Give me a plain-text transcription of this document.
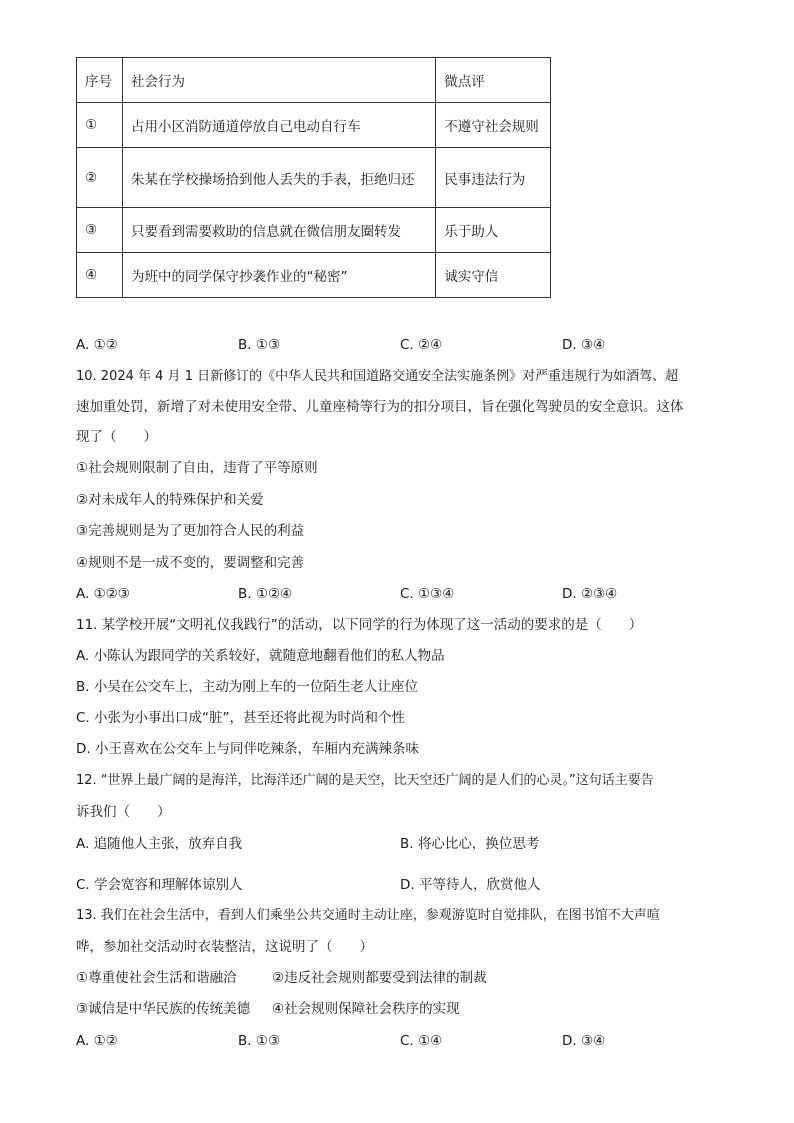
序号	社会行为	微点评
①	占用小区消防通道停放自己电动自行车	不遵守社会规则
②	朱某在学校操场拾到他人丢失的手表，拒绝归还	民事违法行为
③	只要看到需要救助的信息就在微信朋友圈转发	乐于助人
④	为班中的同学保守抄袭作业的“秘密”	诚实守信
A. ①②	B. ①③	C. ②④	D. ③④
10. 2024 年 4 月 1 日新修订的《中华人民共和国道路交通安全法实施条例》对严重违规行为如酒驾、超
速加重处罚，新增了对未使用安全带、儿童座椅等行为的扣分项目，旨在强化驾驶员的安全意识。这体
现了（　　）
①社会规则限制了自由，违背了平等原则
②对未成年人的特殊保护和关爱
③完善规则是为了更加符合人民的利益
④规则不是一成不变的，要调整和完善
A. ①②③	B. ①②④	C. ①③④	D. ②③④
11. 某学校开展“文明礼仪我践行”的活动，以下同学的行为体现了这一活动的要求的是（　　）
A. 小陈认为跟同学的关系较好，就随意地翻看他们的私人物品
B. 小吴在公交车上，主动为刚上车的一位陌生老人让座位
C. 小张为小事出口成“脏”，甚至还将此视为时尚和个性
D. 小王喜欢在公交车上与同伴吃辣条，车厢内充满辣条味
12. “世界上最广阔的是海洋，比海洋还广阔的是天空，比天空还广阔的是人们的心灵。”这句话主要告
诉我们（　　）
A. 追随他人主张，放弃自我	B. 将心比心，换位思考
C. 学会宽容和理解体谅别人	D. 平等待人，欣赏他人
13. 我们在社会生活中，看到人们乘坐公共交通时主动让座，参观游览时自觉排队，在图书馆不大声喧
哗，参加社交活动时衣装整洁，这说明了（　　）
①尊重使社会生活和谐融洽	②违反社会规则都要受到法律的制裁
③诚信是中华民族的传统美德 ④社会规则保障社会秩序的实现
A. ①②	B. ①③	C. ①④	D. ③④
